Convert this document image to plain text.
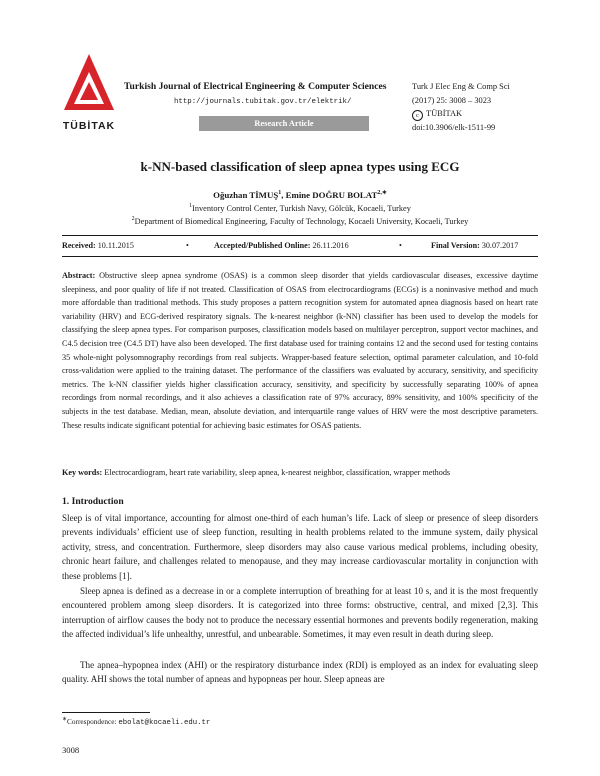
TÜBİTAK
Turkish Journal of Electrical Engineering & Computer Sciences
http://journals.tubitak.gov.tr/elektrik/
Research Article
Turk J Elec Eng & Comp Sci
(2017) 25: 3008 – 3023
c TÜBİTAK
doi:10.3906/elk-1511-99
k-NN-based classification of sleep apnea types using ECG
Oğuzhan TİMUŞ$^1$, Emine DOĞRU $BOLAT^{2,∗}$
$^1$Inventory Control Center, Turkish Navy, Gölcük, Kocaeli, Turkey
$^2$Department of Biomedical Engineering, Faculty of Technology, Kocaeli University, Kocaeli, Turkey
Received: 10.11.2015	•	Accepted/Published Online: 26.11.2016	•	Final Version: 30.07.2017
Abstract: Obstructive sleep apnea syndrome (OSAS) is a common sleep disorder that yields cardiovascular diseases, excessive daytime sleepiness, and poor quality of life if not treated. Classification of OSAS from electrocardiograms (ECGs) is a noninvasive method and much more affordable than traditional methods. This study proposes a pattern recognition system for automated apnea diagnosis based on heart rate variability (HRV) and ECG-derived respiratory signals. The k-nearest neighbor (k-NN) classifier has been used to develop the models for classifying the sleep apnea types. For comparison purposes, classification models based on multilayer perceptron, support vector machines, and C4.5 decision tree (C4.5 DT) have also been developed. The first database used for training contains 12 and the second used for testing contains 35 whole-night polysomnography recordings from real subjects. Wrapper-based feature selection, optimal parameter calculation, and 10-fold cross-validation were applied to the training dataset. The performance of the classifiers was evaluated by accuracy, sensitivity, and specificity metrics. The k-NN classifier yields higher classification accuracy, sensitivity, and specificity by successfully separating 100% of apnea recordings from normal recordings, and it also achieves a classification rate of 97% accuracy, 89% sensitivity, and 100% specificity of the subjects in the test database. Median, mean, absolute deviation, and interquartile range values of HRV were the most descriptive parameters. These results indicate significant potential for achieving basic estimates for OSAS patients.
Key words: Electrocardiogram, heart rate variability, sleep apnea, k-nearest neighbor, classification, wrapper methods
1. Introduction
Sleep is of vital importance, accounting for almost one-third of each human’s life. Lack of sleep or presence of sleep disorders prevents individuals’ efficient use of sleep function, resulting in health problems related to the immune system, daily physical activity, stress, and concentration. Furthermore, sleep disorders may also cause various medical problems, including obesity, chronic heart failure, and challenges related to menopause, and they may increase cardiovascular mortality in conjunction with these problems [1].
Sleep apnea is defined as a decrease in or a complete interruption of breathing for at least 10 s, and it is the most frequently encountered problem among sleep disorders. It is categorized into three forms: obstructive, central, and mixed [2,3]. This interruption of airflow causes the body not to produce the necessary essential hormones and prevents bodily regeneration, making the affected individual’s life unhealthy, unrestful, and unbearable. Sometimes, it may even result in death during sleep.
The apnea–hypopnea index (AHI) or the respiratory disturbance index (RDI) is employed as an index for evaluating sleep quality. AHI shows the total number of apneas and hypopneas per hour. Sleep apneas are
∗Correspondence: ebolat@kocaeli.edu.tr
3008
